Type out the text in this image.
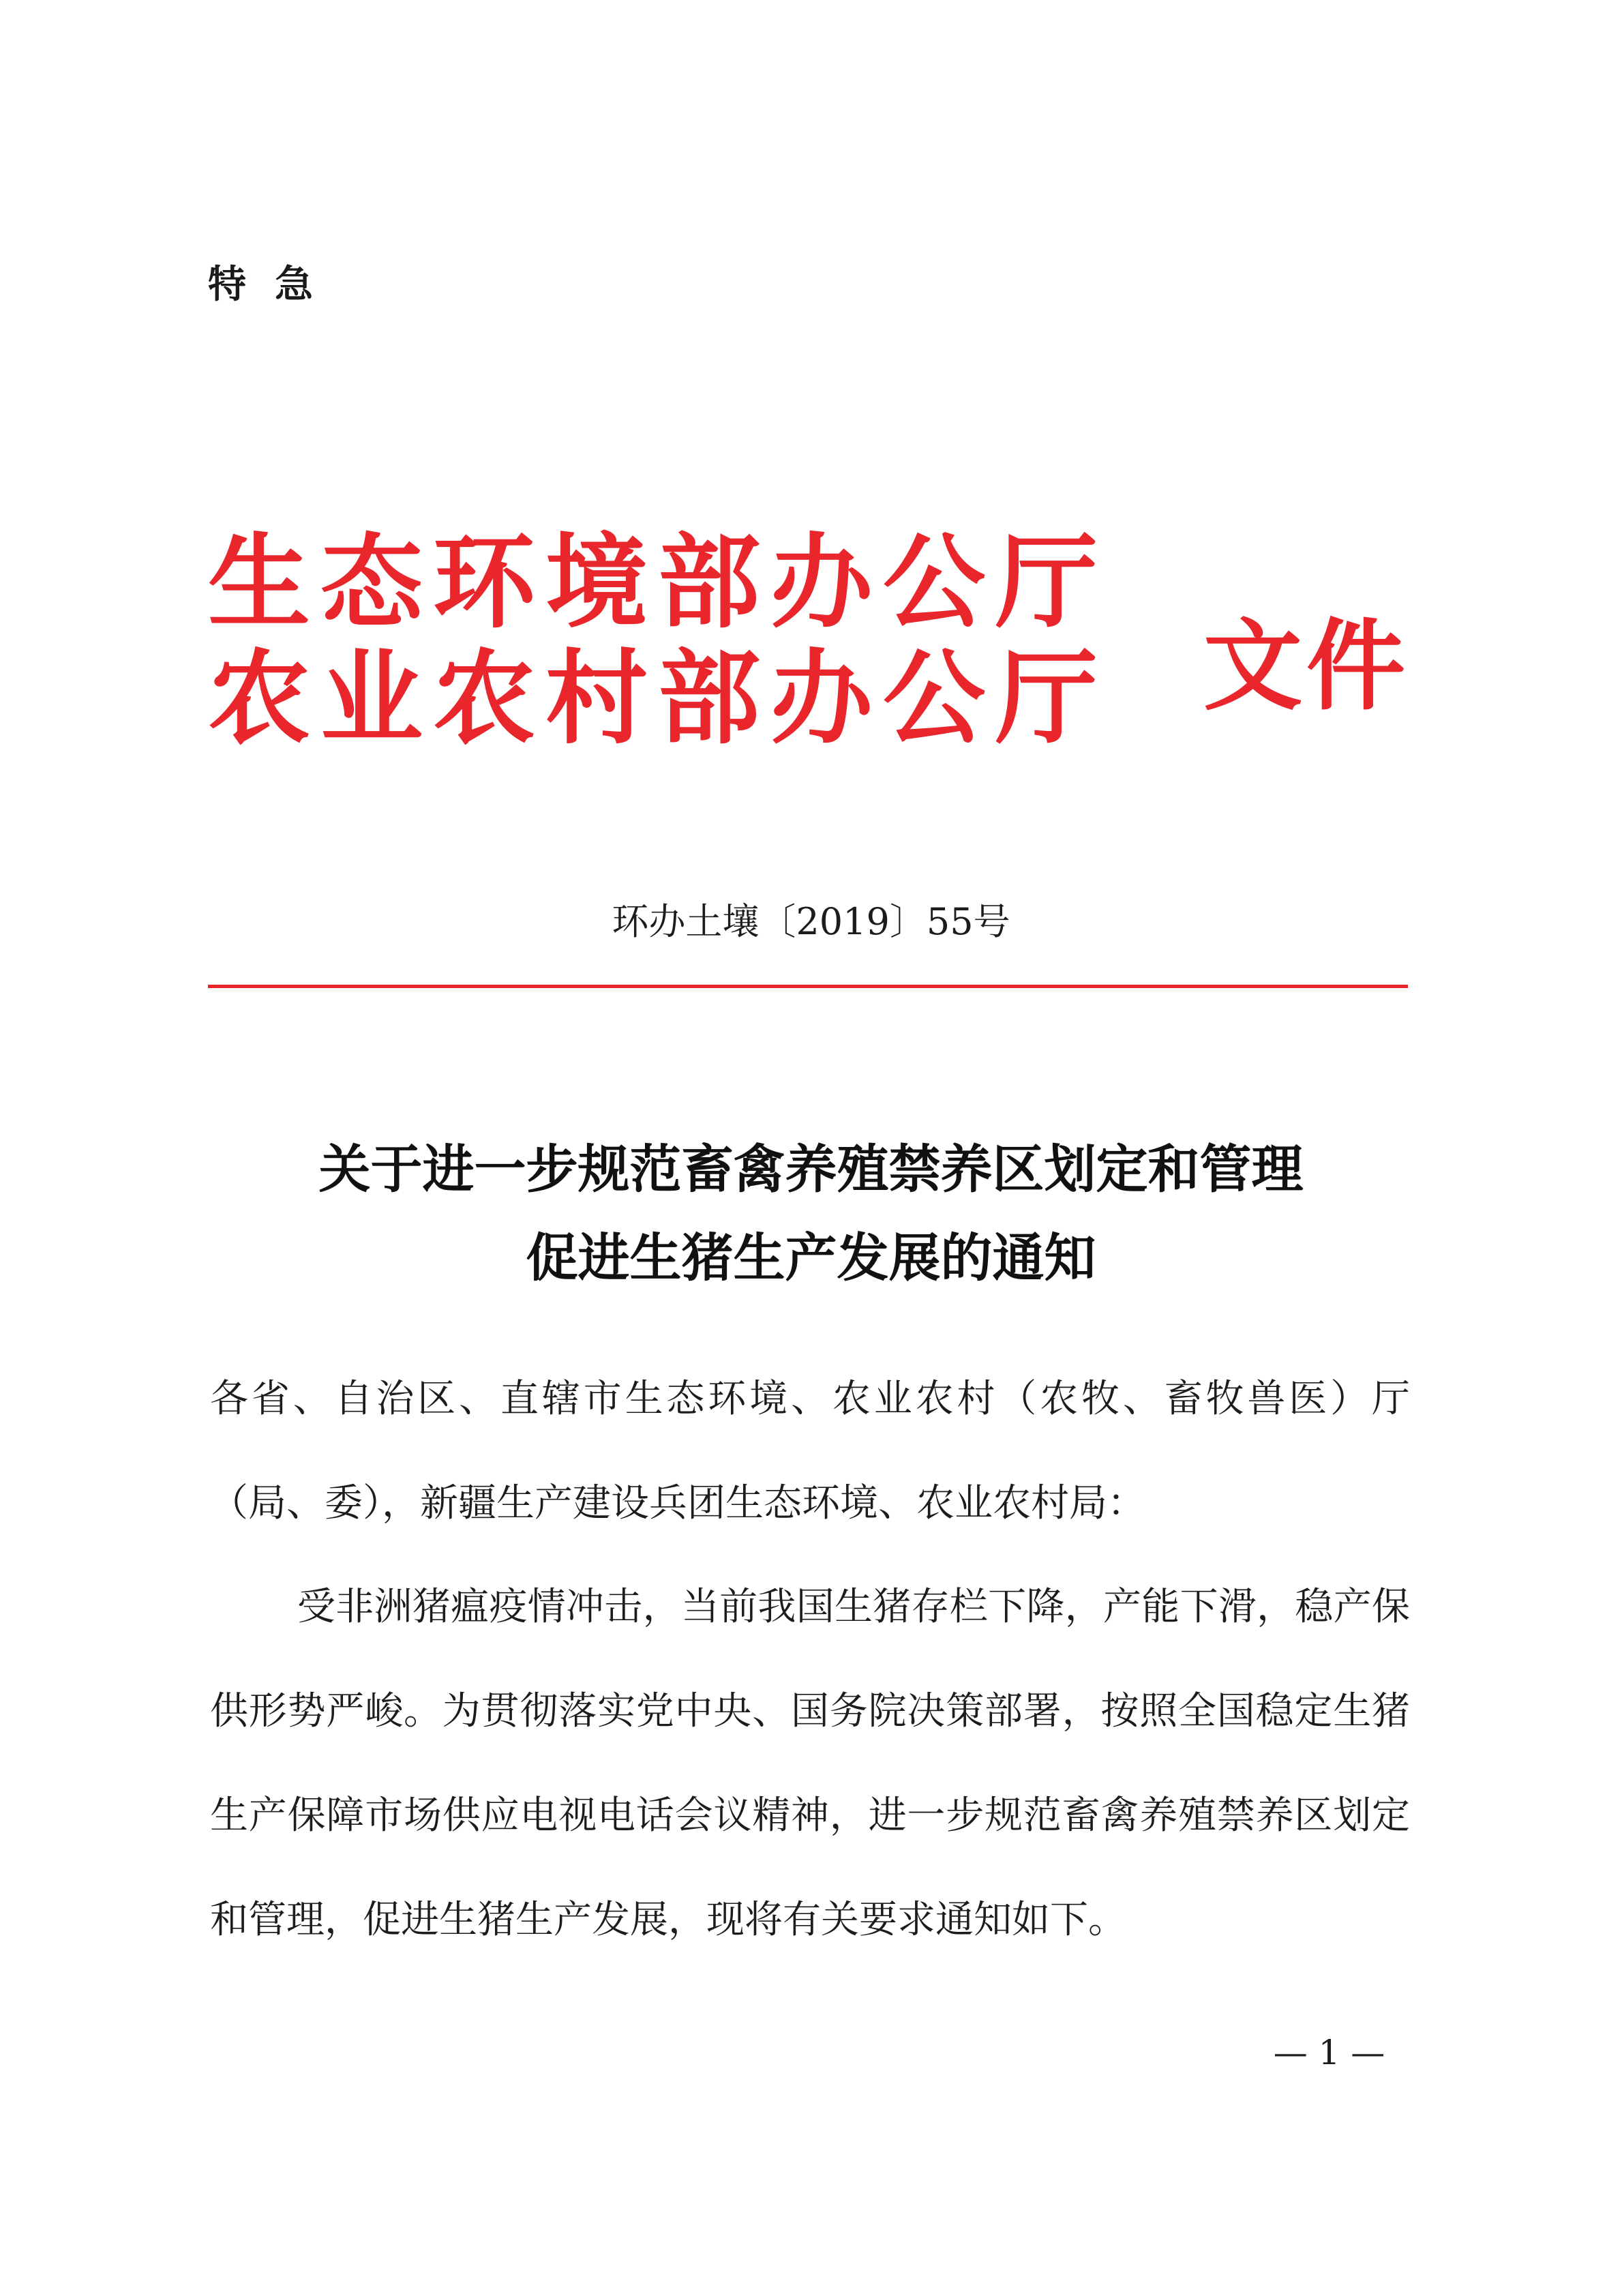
特急
生态环境部办公厅
农业农村部办公厅 文件
环办土壤〔2019〕55号
关于进一步规范畜禽养殖禁养区划定和管理
促进生猪生产发展的通知
各省、自治区、直辖市生态环境、农业农村（农牧、畜牧兽医）厅（局、委），新疆生产建设兵团生态环境、农业农村局：
受非洲猪瘟疫情冲击，当前我国生猪存栏下降，产能下滑，稳产保供形势严峻。为贯彻落实党中央、国务院决策部署，按照全国稳定生猪生产保障市场供应电视电话会议精神，进一步规范畜禽养殖禁养区划定和管理，促进生猪生产发展，现将有关要求通知如下。
— 1 —
